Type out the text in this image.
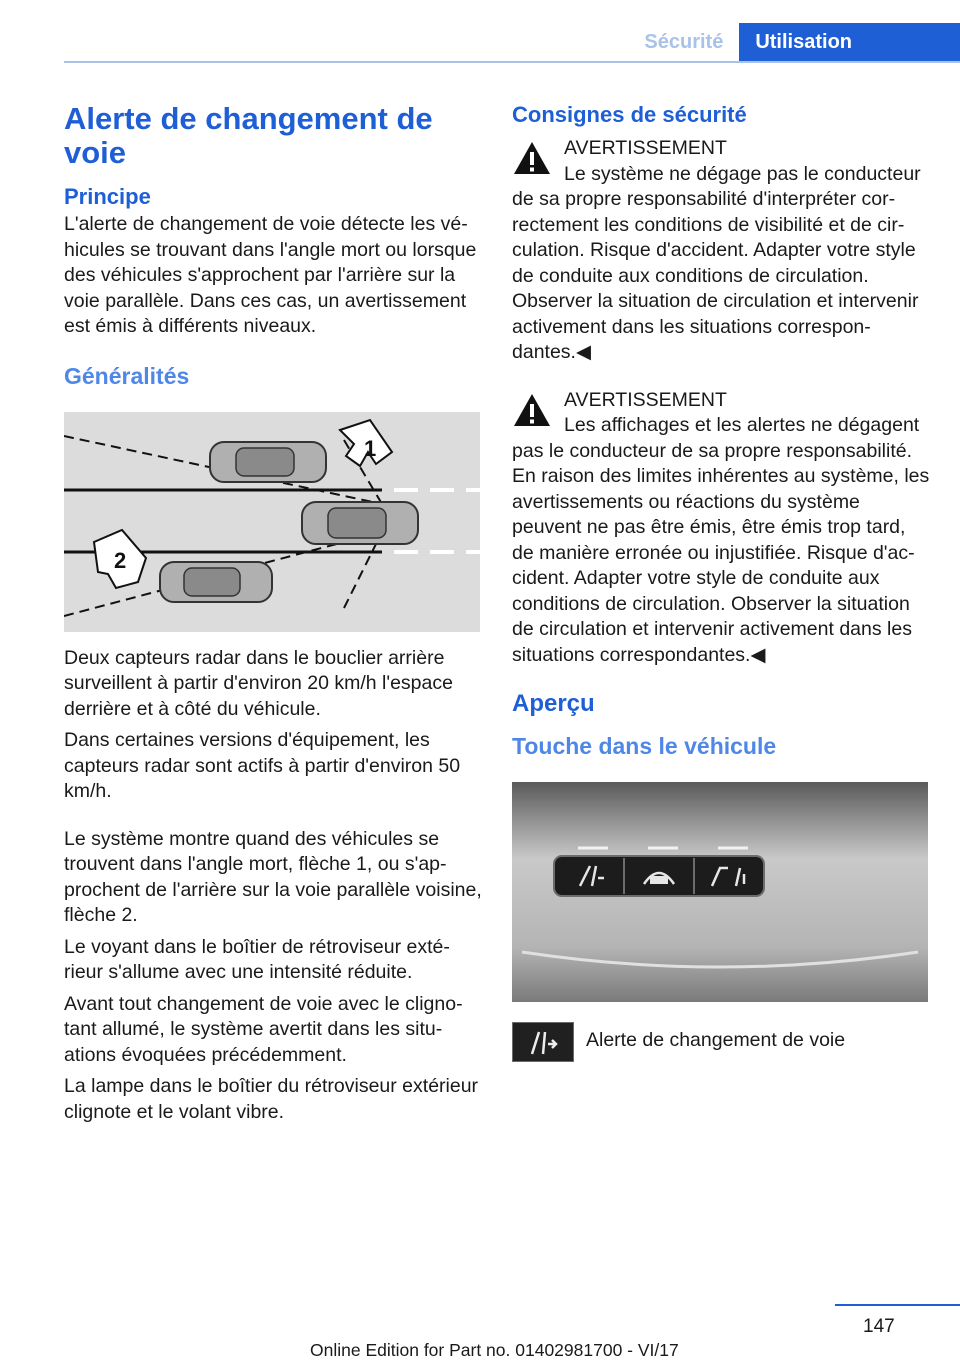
Sécurité	Utilisation
Alerte de changement de voie
Principe

L'alerte de changement de voie détecte les véhicules se trouvant dans l'angle mort ou lorsque des véhicules s'approchent par l'arrière sur la voie parallèle. Dans ces cas, un avertissement est émis à différents niveaux.

Généralités
1
2

Deux capteurs radar dans le bouclier arrière surveillent à partir d'environ 20 km/h l'espace derrière et à côté du véhicule.

Dans certaines versions d'équipement, les capteurs radar sont actifs à partir d'environ 50 km/h.

Le système montre quand des véhicules se trouvent dans l'angle mort, flèche 1, ou s'approchent de l'arrière sur la voie parallèle voisine, flèche 2.

Le voyant dans le boîtier de rétroviseur extérieur s'allume avec une intensité réduite.

Avant tout changement de voie avec le clignotant allumé, le système avertit dans les situations évoquées précédemment.

La lampe dans le boîtier du rétroviseur extérieur clignote et le volant vibre.

Consignes de sécurité
AVERTISSEMENT

Le système ne dégage pas le conducteur
de sa propre responsabilité d'interpréter correctement les conditions de visibilité et de circulation. Risque d'accident. Adapter votre style de conduite aux conditions de circulation. Observer la situation de circulation et intervenir activement dans les situations correspondantes.◀

AVERTISSEMENT

Les affichages et les alertes ne dégagent
pas le conducteur de sa propre responsabilité. En raison des limites inhérentes au système, les avertissements ou réactions du système peuvent ne pas être émis, être émis trop tard, de manière erronée ou injustifiée. Risque d'accident. Adapter votre style de conduite aux conditions de circulation. Observer la situation de circulation et intervenir activement dans les situations correspondantes.◀

Aperçu
Touche dans le véhicule
Alerte de changement de voie
147
Online Edition for Part no. 01402981700 - VI/17
